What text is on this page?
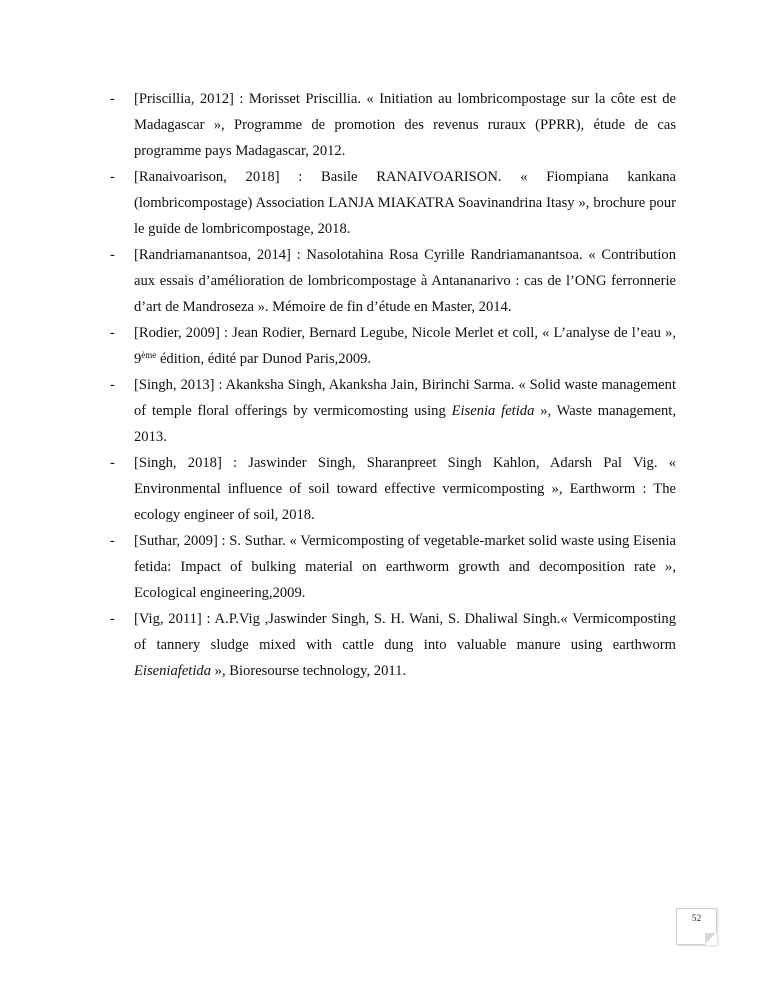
- [Priscillia, 2012] : Morisset Priscillia. « Initiation au lombricompostage sur la côte est de Madagascar », Programme de promotion des revenus ruraux (PPRR), étude de cas programme pays Madagascar, 2012.
- [Ranaivoarison, 2018] : Basile RANAIVOARISON. « Fiompiana kankana (lombricompostage) Association LANJA MIAKATRA Soavinandrina Itasy », brochure pour le guide de lombricompostage, 2018.
- [Randriamanantsoa, 2014] : Nasolotahina Rosa Cyrille Randriamanantsoa. « Contribution aux essais d’amélioration de lombricompostage à Antananarivo : cas de l’ONG ferronnerie d’art de Mandroseza ». Mémoire de fin d’étude en Master, 2014.
- [Rodier, 2009] : Jean Rodier, Bernard Legube, Nicole Merlet et coll, « L’analyse de l’eau », 9ème édition, édité par Dunod Paris,2009.
- [Singh, 2013] : Akanksha Singh, Akanksha Jain, Birinchi Sarma. « Solid waste management of temple floral offerings by vermicomosting using Eisenia fetida », Waste management, 2013.
- [Singh, 2018] : Jaswinder Singh, Sharanpreet Singh Kahlon, Adarsh Pal Vig. « Environmental influence of soil toward effective vermicomposting », Earthworm : The ecology engineer of soil, 2018.
- [Suthar, 2009] : S. Suthar. « Vermicomposting of vegetable-market solid waste using Eisenia fetida: Impact of bulking material on earthworm growth and decomposition rate », Ecological engineering,2009.
- [Vig, 2011] : A.P.Vig ,Jaswinder Singh, S. H. Wani, S. Dhaliwal Singh.« Vermicomposting of tannery sludge mixed with cattle dung into valuable manure using earthworm Eiseniafetida », Bioresourse technology, 2011.
52
